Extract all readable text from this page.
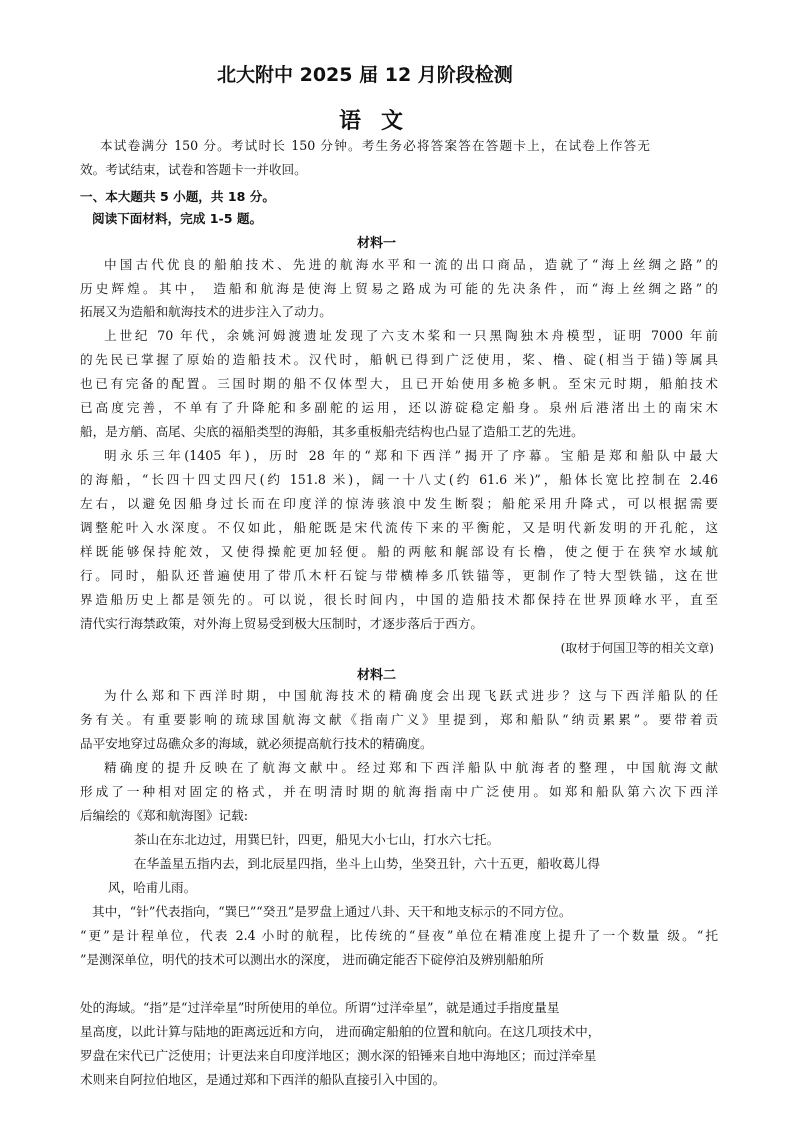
北大附中 2025 届 12 月阶段检测
语文
本试卷满分 150 分。考试时长 150 分钟。考生务必将答案答在答题卡上，在试卷上作答无
效。考试结束，试卷和答题卡一并收回。
一、本大题共 5 小题，共 18 分。
阅读下面材料，完成 1-5 题。
材料一
中国古代优良的船舶技术、先进的航海水平和一流的出口商品，造就了“海上丝绸之路”的
历史辉煌。其中， 造船和航海是使海上贸易之路成为可能的先决条件，而“海上丝绸之路”的
拓展又为造船和航海技术的进步注入了动力。
上世纪 70 年代，余姚河姆渡遗址发现了六支木桨和一只黑陶独木舟模型，证明 7000 年前
的先民已掌握了原始的造船技术。汉代时，船帆已得到广泛使用，桨、橹、碇(相当于锚)等属具
也已有完备的配置。三国时期的船不仅体型大，且已开始使用多桅多帆。至宋元时期，船舶技术
已高度完善，不单有了升降舵和多副舵的运用，还以游碇稳定船身。泉州后港渚出土的南宋木
船，是方艄、高尾、尖底的福船类型的海船，其多重板船壳结构也凸显了造船工艺的先进。
明永乐三年(1405 年)，历时 28 年的“郑和下西洋”揭开了序幕。宝船是郑和船队中最大
的海船，“长四十四丈四尺(约 151.8 米)，阔一十八丈(约 61.6 米)”，船体长宽比控制在 2.46
左右，以避免因船身过长而在印度洋的惊涛骇浪中发生断裂；船舵采用升降式，可以根据需要
调整舵叶入水深度。不仅如此，船舵既是宋代流传下来的平衡舵，又是明代新发明的开孔舵，这
样既能够保持舵效，又使得操舵更加轻便。船的两舷和艉部设有长橹，使之便于在狭窄水域航
行。同时，船队还普遍使用了带爪木杆石锭与带横棒多爪铁锚等，更制作了特大型铁锚，这在世
界造船历史上都是领先的。可以说，很长时间内，中国的造船技术都保持在世界顶峰水平，直至
清代实行海禁政策，对外海上贸易受到极大压制时，才逐步落后于西方。
(取材于何国卫等的相关文章)
材料二
为什么郑和下西洋时期，中国航海技术的精确度会出现飞跃式进步？这与下西洋船队的任
务有关。有重要影响的琉球国航海文献《指南广义》里提到，郑和船队“纳贡累累”。要带着贡
品平安地穿过岛礁众多的海域，就必须提高航行技术的精确度。
精确度的提升反映在了航海文献中。经过郑和下西洋船队中航海者的整理，中国航海文献
形成了一种相对固定的格式，并在明清时期的航海指南中广泛使用。如郑和船队第六次下西洋
后编绘的《郑和航海图》记载:
茶山在东北边过，用巽巳针，四更，船见大小七山，打水六七托。
在华盖星五指内去，到北辰星四指，坐斗上山势，坐癸丑针，六十五更，船收葛儿得
风，哈甫儿雨。
其中，“针”代表指向，“巽巳”“癸丑”是罗盘上通过八卦、天干和地支标示的不同方位。
“更”是计程单位，代表 2.4 小时的航程，比传统的“昼夜”单位在精准度上提升了一个数量 级。“托
”是测深单位，明代的技术可以测出水的深度， 进而确定能否下碇停泊及辨别船舶所
处的海域。“指”是“过洋牵星”时所使用的单位。所谓“过洋牵星”，就是通过手指度量星
星高度，以此计算与陆地的距离远近和方向， 进而确定船舶的位置和航向。在这几项技术中，
罗盘在宋代已广泛使用；计更法来自印度洋地区；测水深的铅锤来自地中海地区；而过洋牵星
术则来自阿拉伯地区，是通过郑和下西洋的船队直接引入中国的。
